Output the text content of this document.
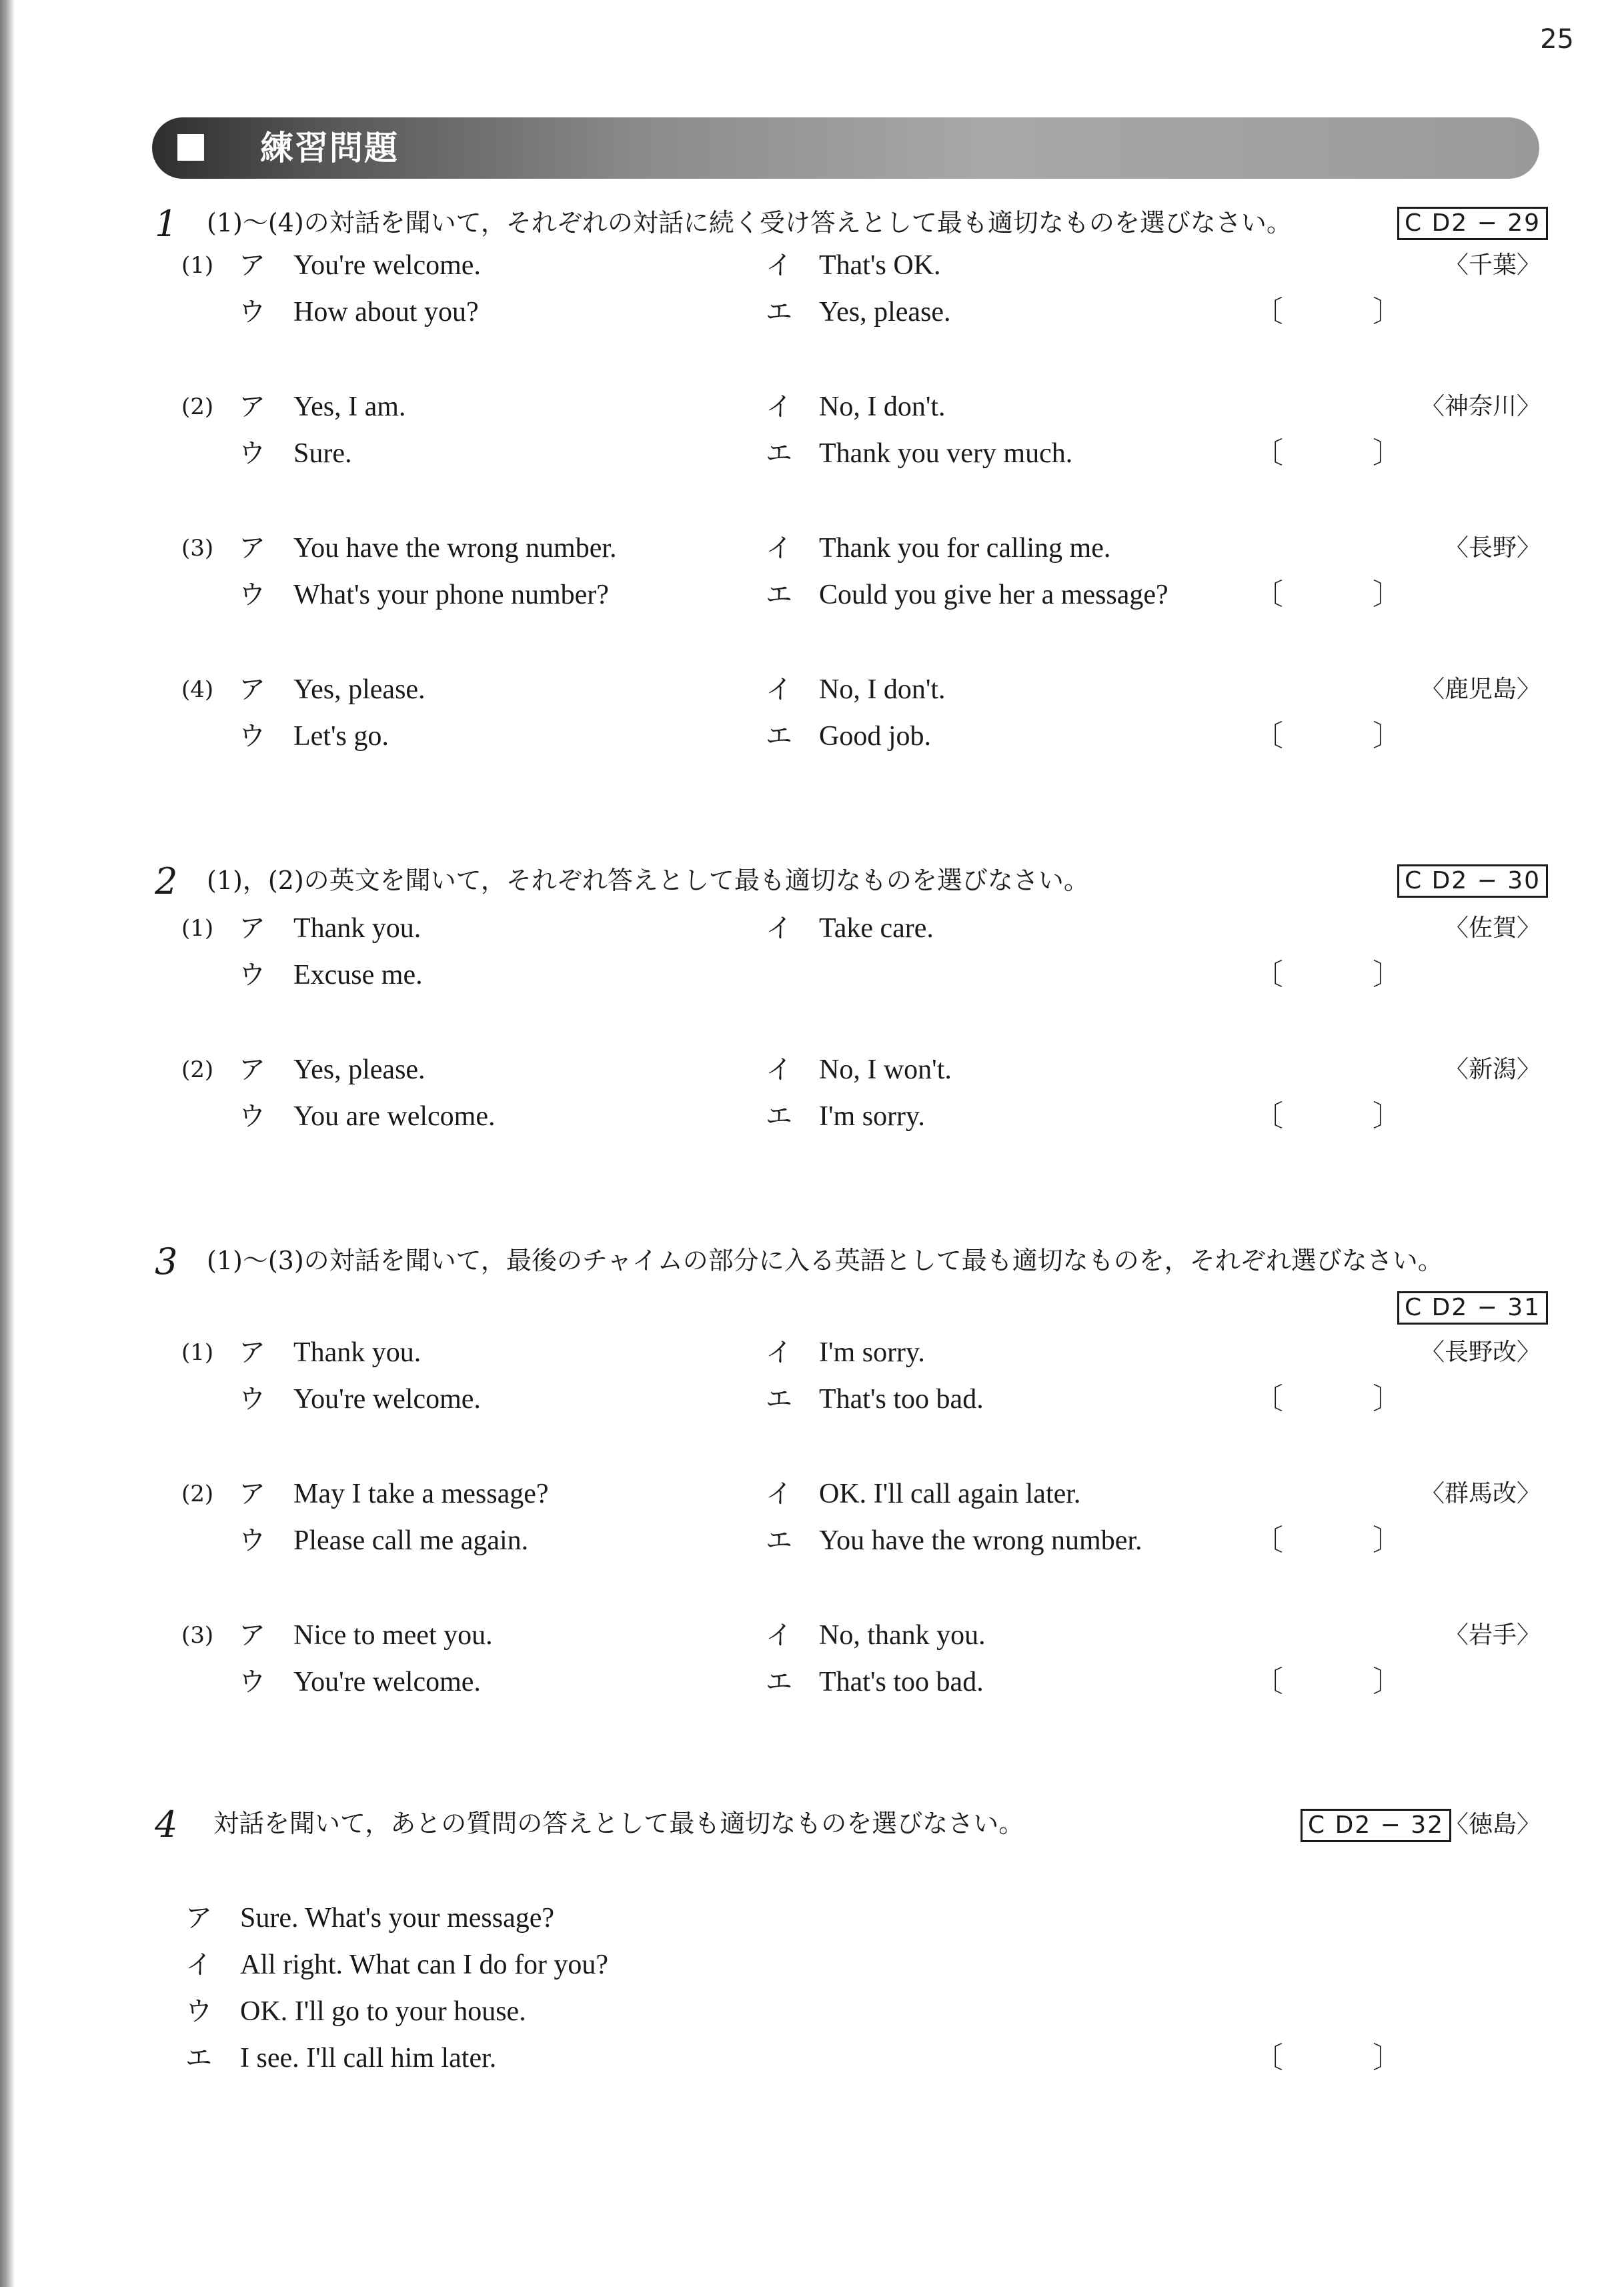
25
練習問題
1 (1)〜(4)の対話を聞いて，それぞれの対話に続く受け答えとして最も適切なものを選びなさい。	C D2 − 29
(1) ア You're welcome.	イ That's OK.	〈千葉〉
ウ How about you?	エ Yes, please.	〔	〕
(2) ア Yes, I am.	イ No, I don't.	〈神奈川〉
ウ Sure.	エ Thank you very much.	〔	〕
(3) ア You have the wrong number.	イ Thank you for calling me.	〈長野〉
ウ What's your phone number?	エ Could you give her a message?	〔	〕
(4) ア Yes, please.	イ No, I don't.	〈鹿児島〉
ウ Let's go.	エ Good job.	〔	〕
2 (1)，(2)の英文を聞いて，それぞれ答えとして最も適切なものを選びなさい。	C D2 − 30
(1) ア Thank you.	イ Take care.	〈佐賀〉
ウ Excuse me.	〔	〕
(2) ア Yes, please.	イ No, I won't.	〈新潟〉
ウ You are welcome.	エ I'm sorry.	〔	〕
3 (1)〜(3)の対話を聞いて，最後のチャイムの部分に入る英語として最も適切なものを，それぞれ選びなさい。
C D2 − 31
(1) ア Thank you.	イ I'm sorry.	〈長野改〉
ウ You're welcome.	エ That's too bad.	〔	〕
(2) ア May I take a message?	イ OK. I'll call again later.	〈群馬改〉
ウ Please call me again.	エ You have the wrong number.	〔	〕
(3) ア Nice to meet you.	イ No, thank you.	〈岩手〉
ウ You're welcome.	エ That's too bad.	〔	〕
4 対話を聞いて，あとの質問の答えとして最も適切なものを選びなさい。	C D2 − 32 〈徳島〉
ア Sure. What's your message?
イ All right. What can I do for you?
ウ OK. I'll go to your house.
エ I see. I'll call him later.	〔	〕
